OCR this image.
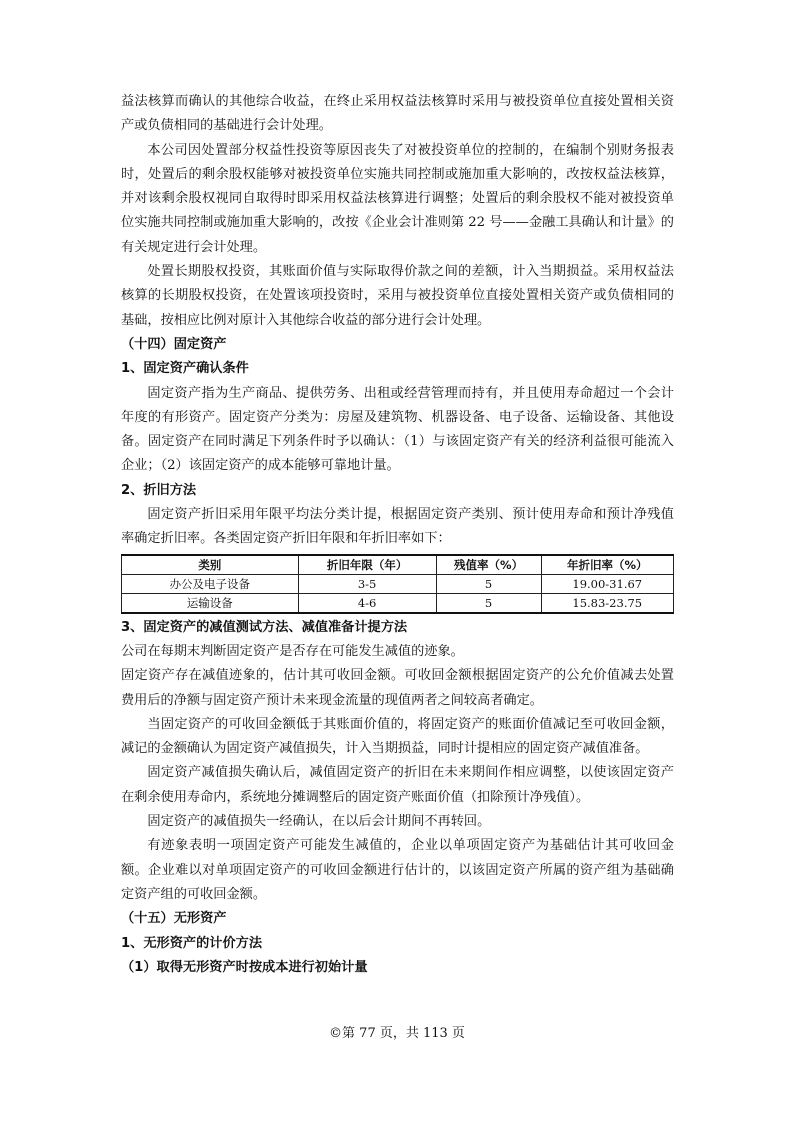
益法核算而确认的其他综合收益，在终止采用权益法核算时采用与被投资单位直接处置相关资产或负债相同的基础进行会计处理。

本公司因处置部分权益性投资等原因丧失了对被投资单位的控制的，在编制个别财务报表时，处置后的剩余股权能够对被投资单位实施共同控制或施加重大影响的，改按权益法核算，并对该剩余股权视同自取得时即采用权益法核算进行调整；处置后的剩余股权不能对被投资单位实施共同控制或施加重大影响的，改按《企业会计准则第 22 号——金融工具确认和计量》的有关规定进行会计处理。

处置长期股权投资，其账面价值与实际取得价款之间的差额，计入当期损益。采用权益法核算的长期股权投资，在处置该项投资时，采用与被投资单位直接处置相关资产或负债相同的基础，按相应比例对原计入其他综合收益的部分进行会计处理。

（十四）固定资产
1、固定资产确认条件

固定资产指为生产商品、提供劳务、出租或经营管理而持有，并且使用寿命超过一个会计年度的有形资产。固定资产分类为：房屋及建筑物、机器设备、电子设备、运输设备、其他设备。固定资产在同时满足下列条件时予以确认：（1）与该固定资产有关的经济利益很可能流入企业；（2）该固定资产的成本能够可靠地计量。

2、折旧方法

固定资产折旧采用年限平均法分类计提，根据固定资产类别、预计使用寿命和预计净残值率确定折旧率。各类固定资产折旧年限和年折旧率如下：

类别	折旧年限（年）	残值率（%）	年折旧率（%）
办公及电子设备	3-5	5	19.00-31.67
运输设备	4-6	5	15.83-23.75
3、固定资产的减值测试方法、减值准备计提方法

公司在每期末判断固定资产是否存在可能发生减值的迹象。

固定资产存在减值迹象的，估计其可收回金额。可收回金额根据固定资产的公允价值减去处置费用后的净额与固定资产预计未来现金流量的现值两者之间较高者确定。

当固定资产的可收回金额低于其账面价值的，将固定资产的账面价值减记至可收回金额，减记的金额确认为固定资产减值损失，计入当期损益，同时计提相应的固定资产减值准备。

固定资产减值损失确认后，减值固定资产的折旧在未来期间作相应调整，以使该固定资产在剩余使用寿命内，系统地分摊调整后的固定资产账面价值（扣除预计净残值）。

固定资产的减值损失一经确认，在以后会计期间不再转回。

有迹象表明一项固定资产可能发生减值的，企业以单项固定资产为基础估计其可收回金额。企业难以对单项固定资产的可收回金额进行估计的，以该固定资产所属的资产组为基础确定资产组的可收回金额。

（十五）无形资产
1、无形资产的计价方法
（1）取得无形资产时按成本进行初始计量
©第 77 页，共 113 页
